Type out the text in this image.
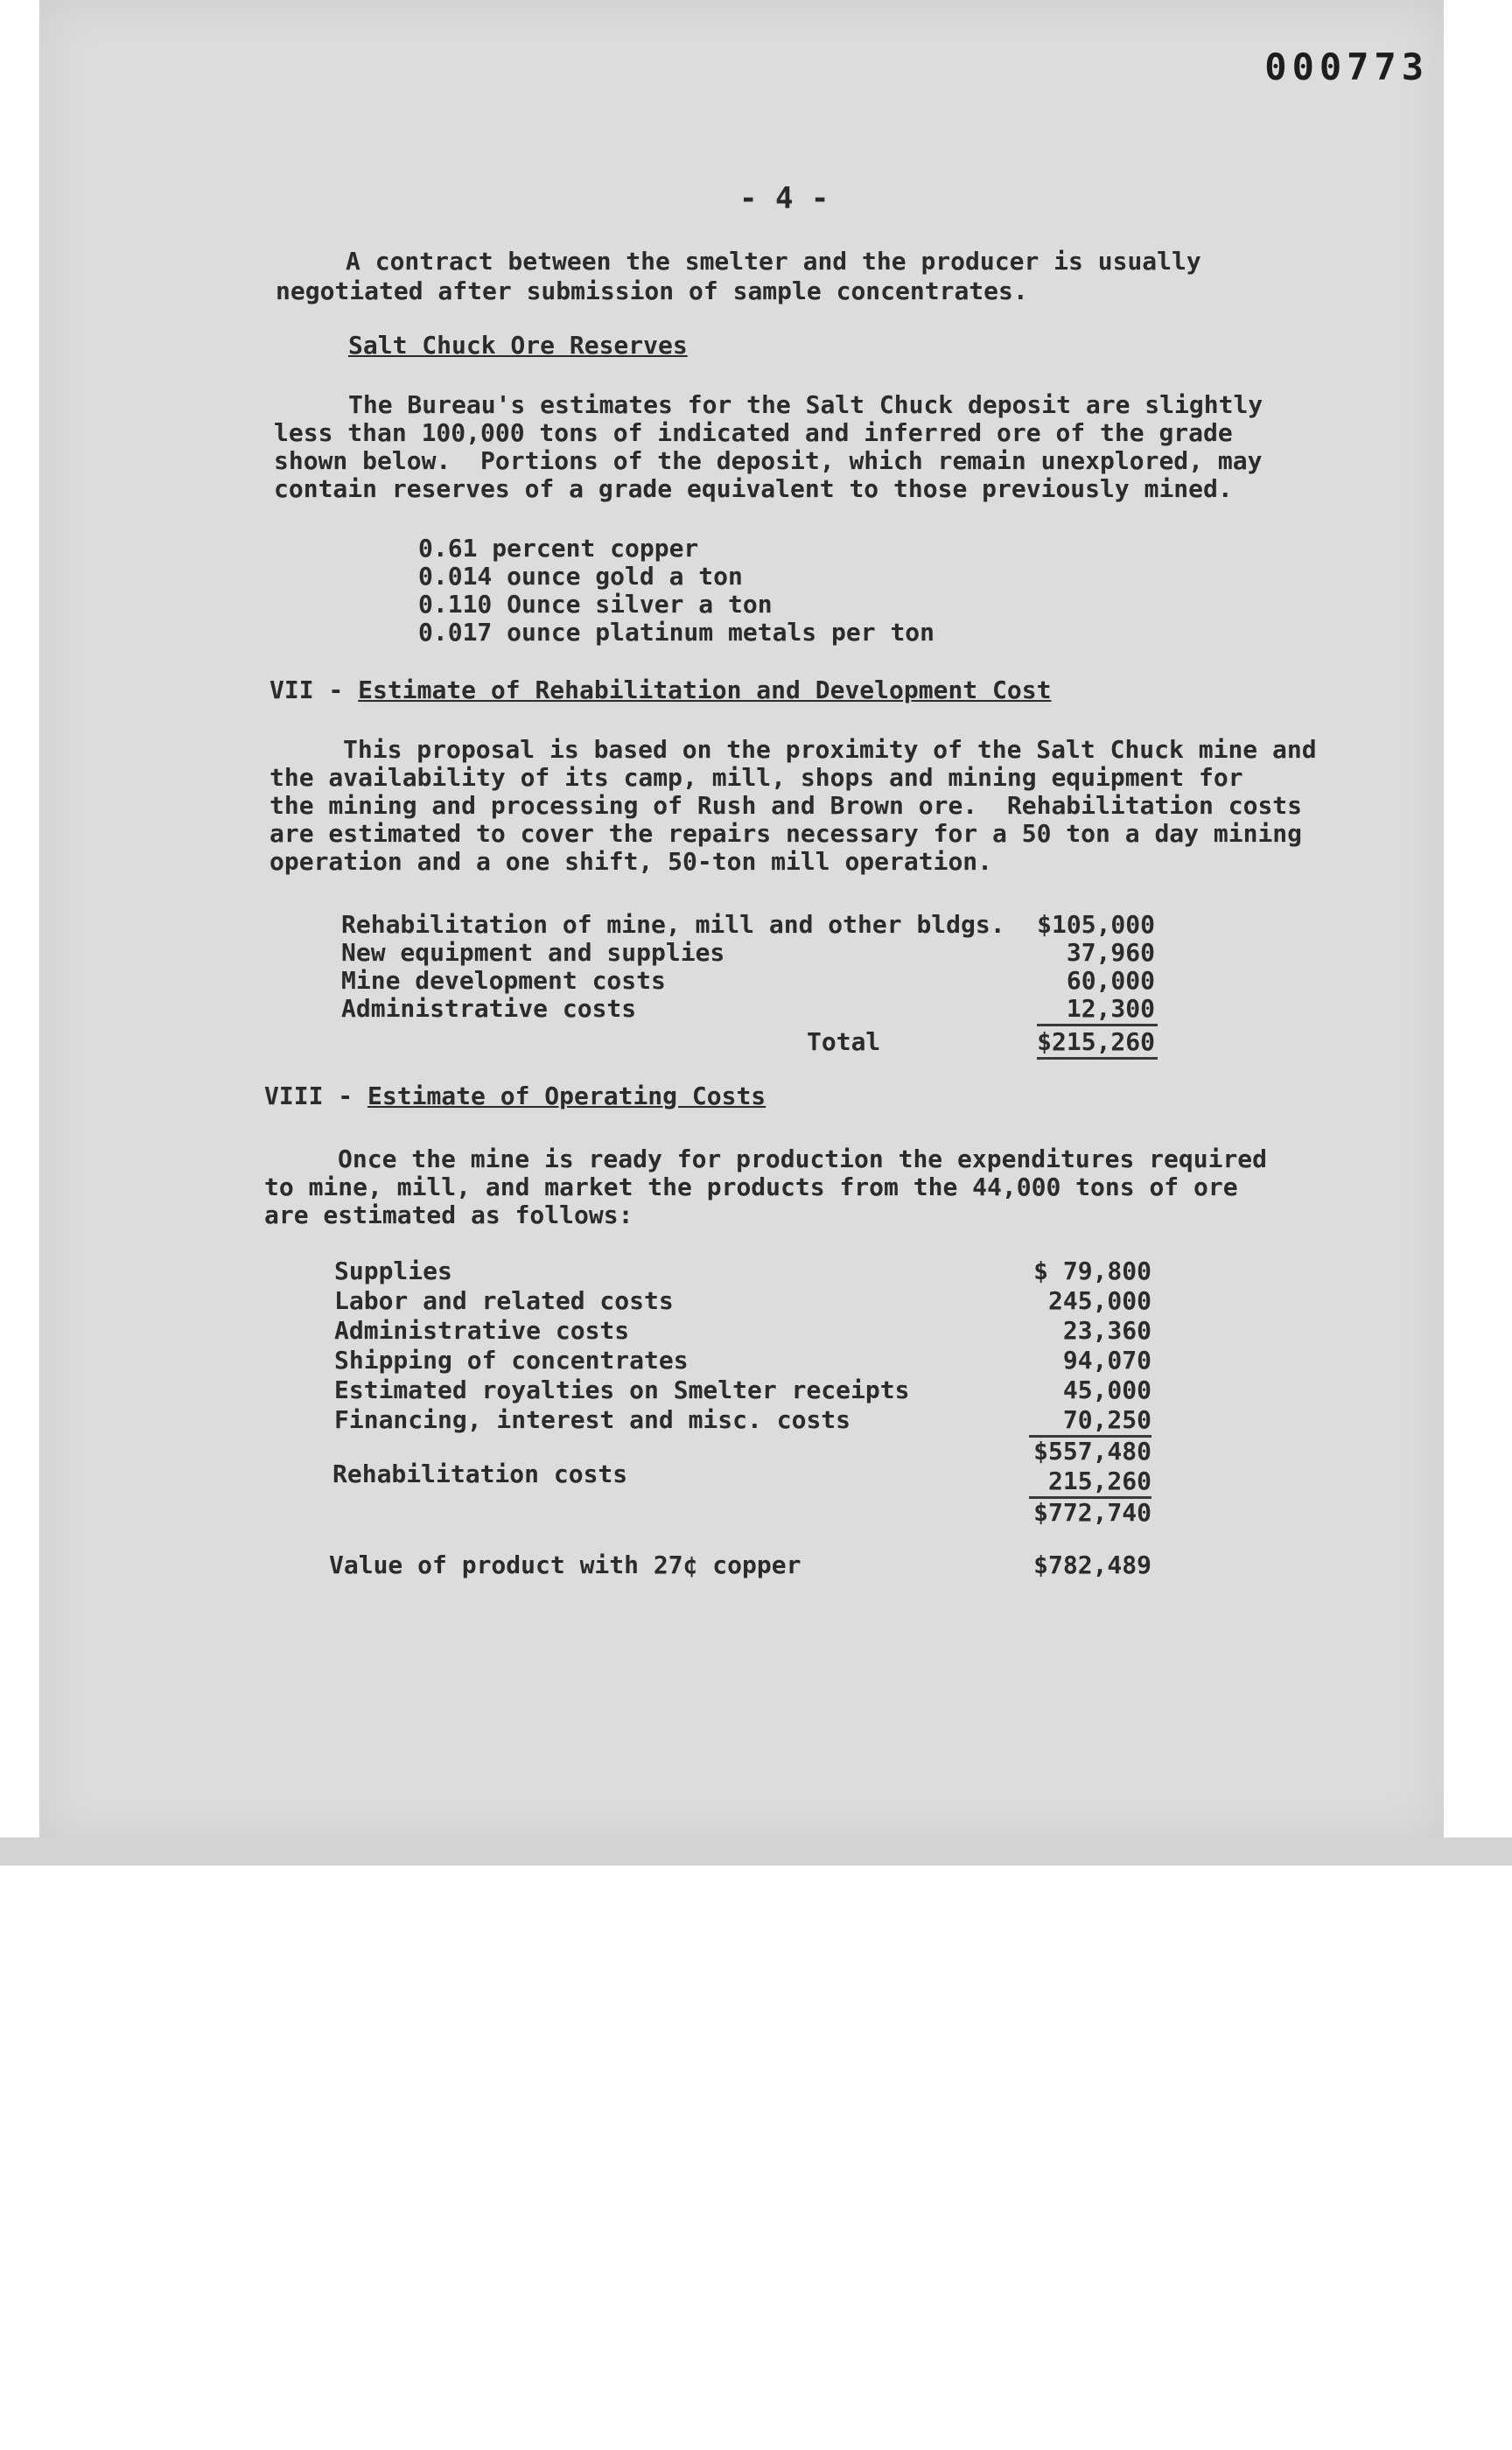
000773
- 4 -
A contract between the smelter and the producer is usually
negotiated after submission of sample concentrates.
Salt Chuck Ore Reserves
The Bureau's estimates for the Salt Chuck deposit are slightly
less than 100,000 tons of indicated and inferred ore of the grade
shown below.  Portions of the deposit, which remain unexplored, may
contain reserves of a grade equivalent to those previously mined.
0.61 percent copper
0.014 ounce gold a ton
0.110 Ounce silver a ton
0.017 ounce platinum metals per ton
VII - Estimate of Rehabilitation and Development Cost
This proposal is based on the proximity of the Salt Chuck mine and
the availability of its camp, mill, shops and mining equipment for
the mining and processing of Rush and Brown ore.  Rehabilitation costs
are estimated to cover the repairs necessary for a 50 ton a day mining
operation and a one shift, 50-ton mill operation.
Rehabilitation of mine, mill and other bldgs.	$105,000
New equipment and supplies	37,960
Mine development costs	60,000
Administrative costs	12,300
Total	$215,260
VIII - Estimate of Operating Costs
Once the mine is ready for production the expenditures required
to mine, mill, and market the products from the 44,000 tons of ore
are estimated as follows:
Supplies	$ 79,800
Labor and related costs	245,000
Administrative costs	23,360
Shipping of concentrates	94,070
Estimated royalties on Smelter receipts	45,000
Financing, interest and misc. costs	70,250
$557,480
Rehabilitation costs	215,260
$772,740
Value of product with 27¢ copper	$782,489
